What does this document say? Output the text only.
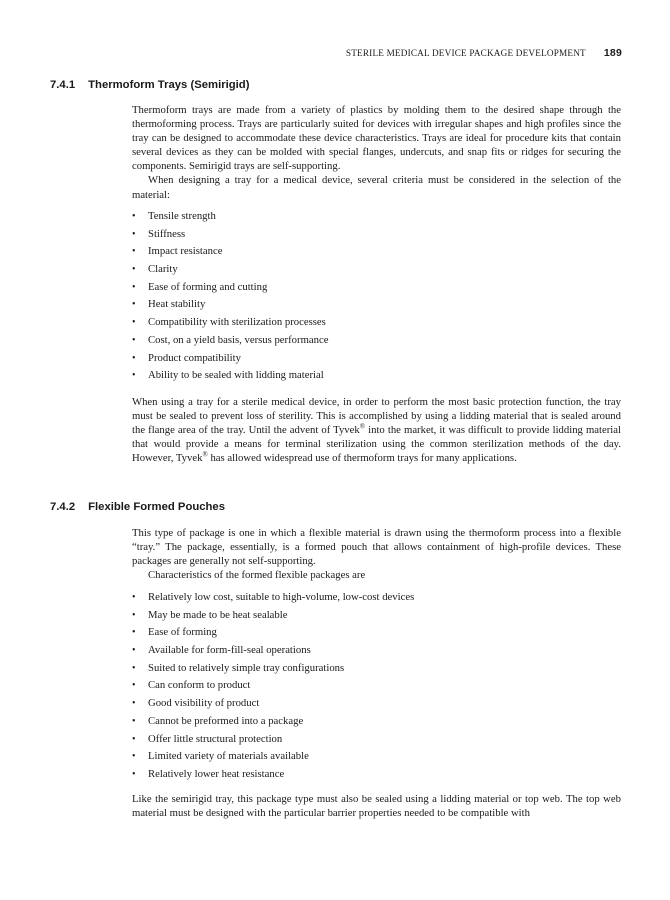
STERILE MEDICAL DEVICE PACKAGE DEVELOPMENT 189
7.4.1 Thermoform Trays (Semirigid)

Thermoform trays are made from a variety of plastics by molding them to the desired shape through the thermoforming process. Trays are particularly suited for devices with irregular shapes and high profiles since the tray can be designed to accommodate these device characteristics. Trays are ideal for procedure kits that contain several devices as they can be molded with special flanges, undercuts, and snap fits or ridges for securing the components. Semirigid trays are self-supporting.

When designing a tray for a medical device, several criteria must be considered in the selection of the material:

• Tensile strength
• Stiffness
• Impact resistance
• Clarity
• Ease of forming and cutting
• Heat stability
• Compatibility with sterilization processes
• Cost, on a yield basis, versus performance
• Product compatibility
• Ability to be sealed with lidding material

When using a tray for a sterile medical device, in order to perform the most basic protection function, the tray must be sealed to prevent loss of sterility. This is accomplished by using a lidding material that is sealed around the flange area of the tray. Until the advent of Tyvek® into the market, it was difficult to provide lidding material that would provide a means for terminal sterilization using the common sterilization methods of the day. However, Tyvek® has allowed widespread use of thermoform trays for many applications.

7.4.2 Flexible Formed Pouches

This type of package is one in which a flexible material is drawn using the thermoform process into a flexible “tray.” The package, essentially, is a formed pouch that allows containment of high-profile devices. These packages are generally not self-supporting.

Characteristics of the formed flexible packages are

• Relatively low cost, suitable to high-volume, low-cost devices
• May be made to be heat sealable
• Ease of forming
• Available for form-fill-seal operations
• Suited to relatively simple tray configurations
• Can conform to product
• Good visibility of product
• Cannot be preformed into a package
• Offer little structural protection
• Limited variety of materials available
• Relatively lower heat resistance

Like the semirigid tray, this package type must also be sealed using a lidding material or top web. The top web material must be designed with the particular barrier properties needed to be compatible with
